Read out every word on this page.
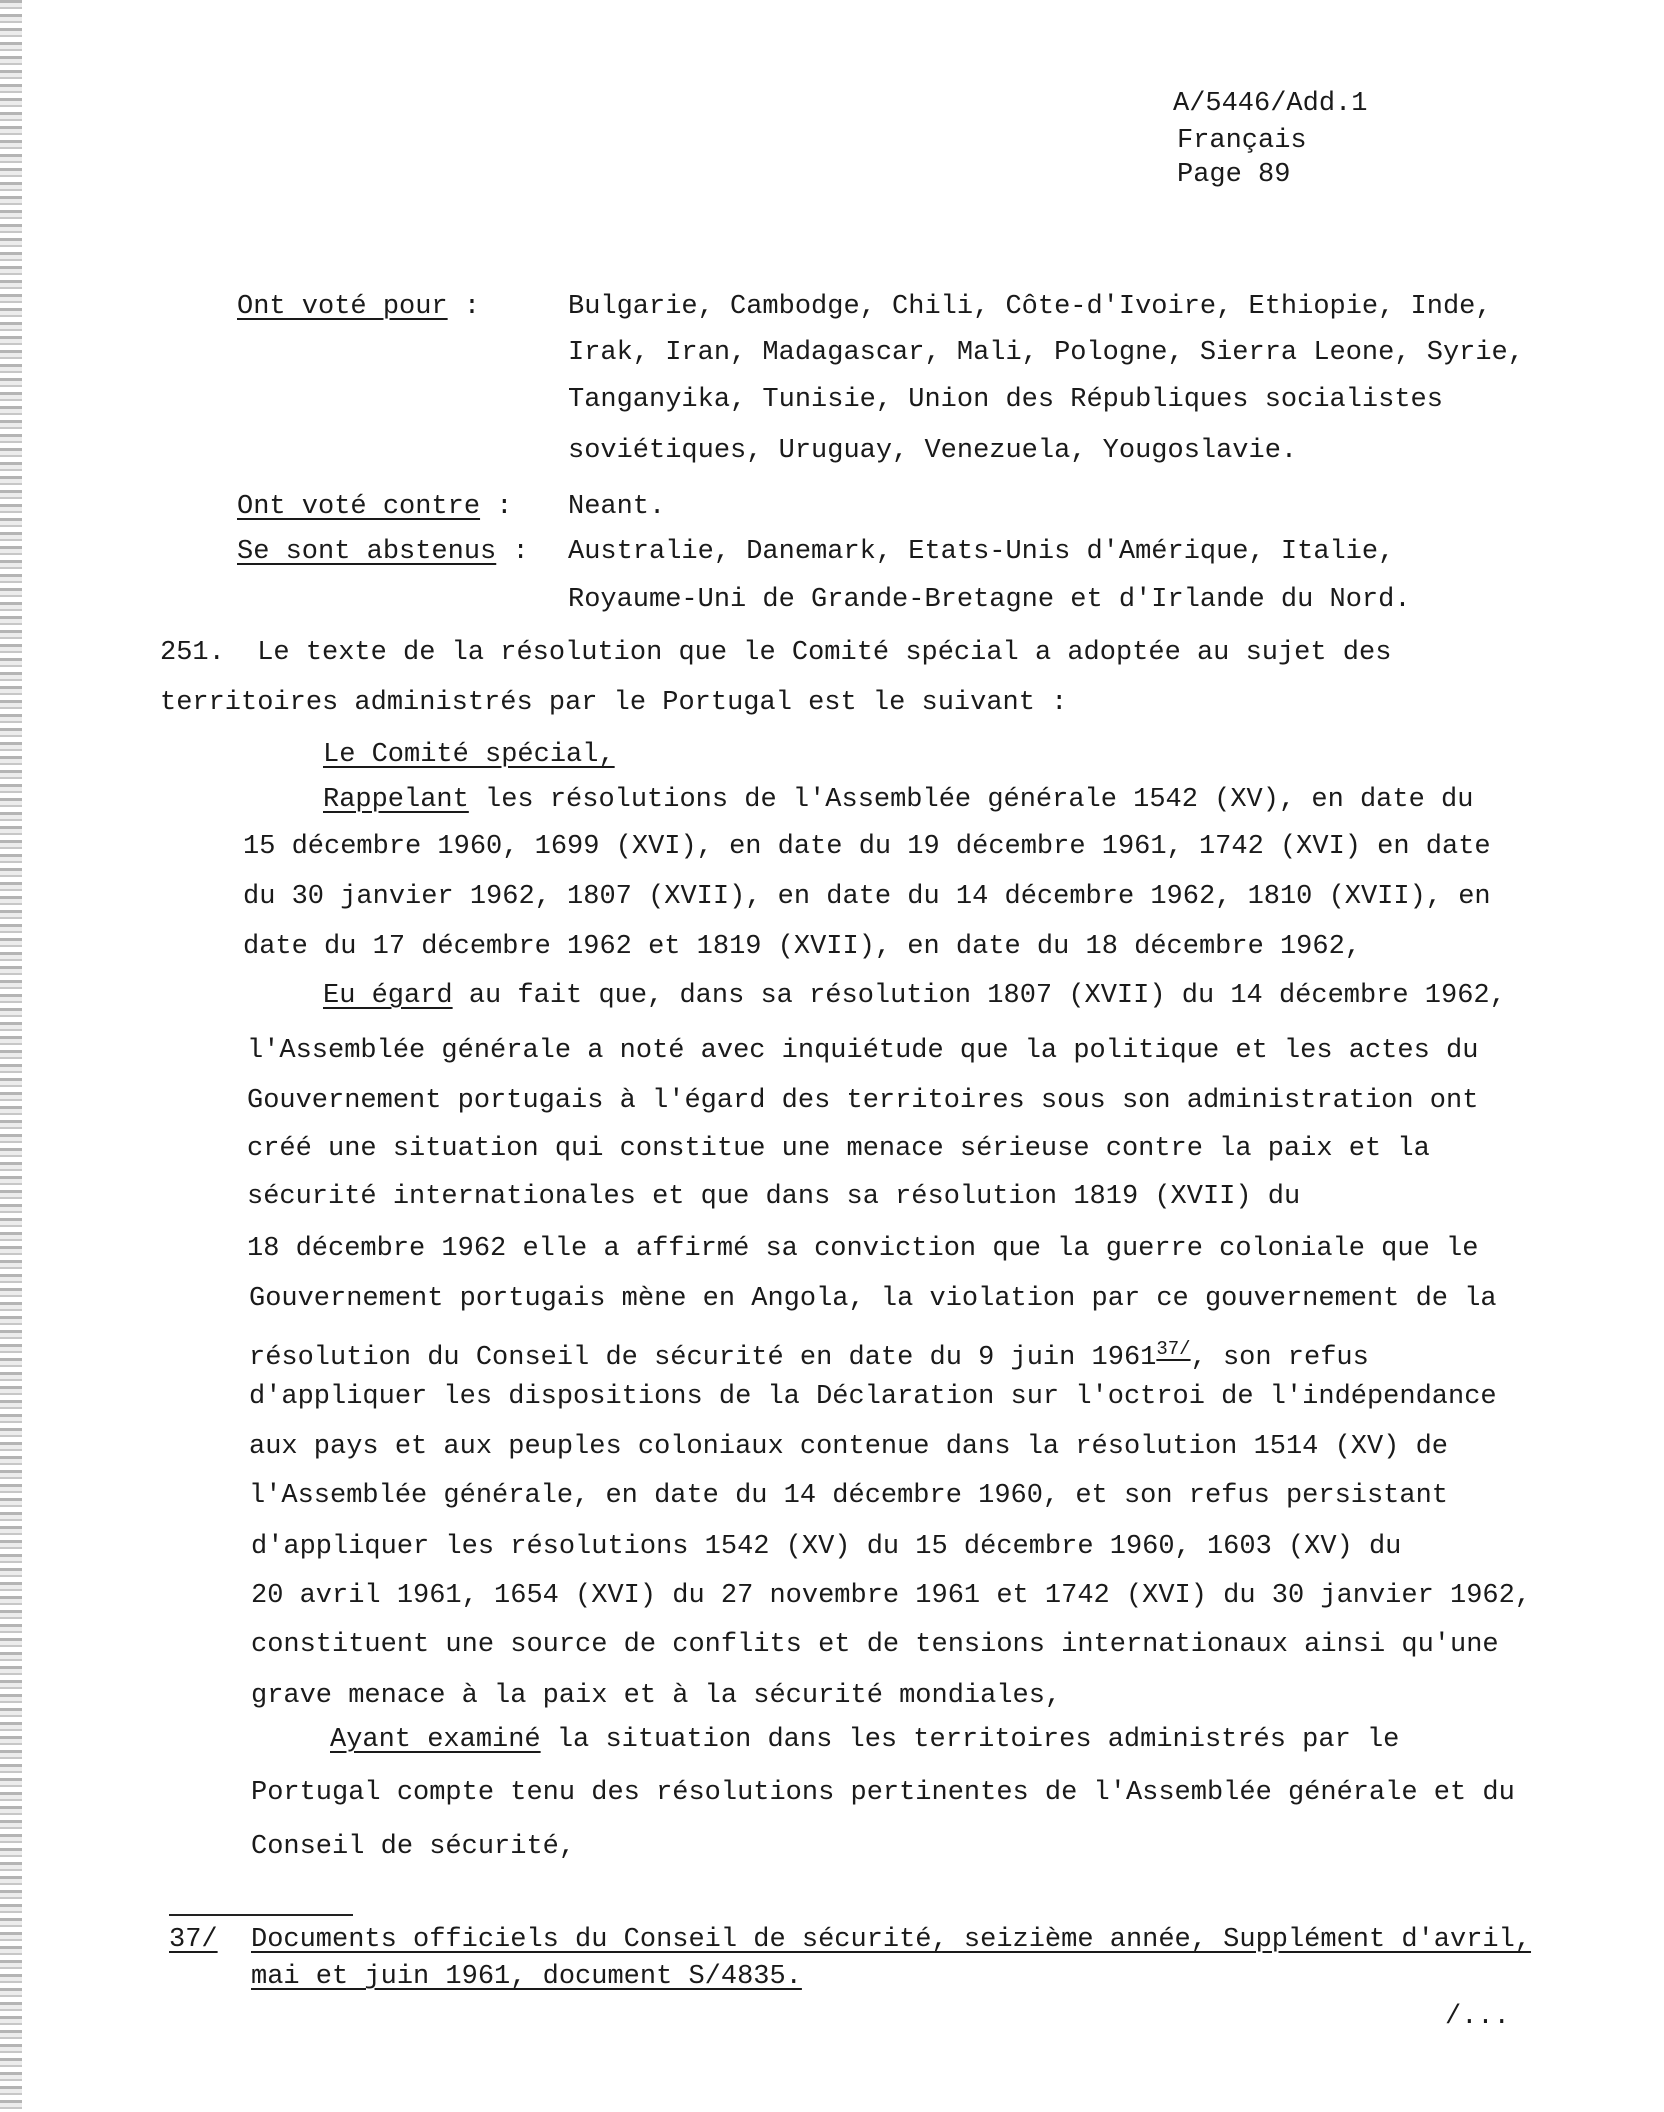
A/5446/Add.1
Français
Page 89
Ont voté pour :	Bulgarie, Cambodge, Chili, Côte-d'Ivoire, Ethiopie, Inde,
Irak, Iran, Madagascar, Mali, Pologne, Sierra Leone, Syrie,
Tanganyika, Tunisie, Union des Républiques socialistes
soviétiques, Uruguay, Venezuela, Yougoslavie.
Ont voté contre : Neant.
Se sont abstenus : Australie, Danemark, Etats-Unis d'Amérique, Italie,
Royaume-Uni de Grande-Bretagne et d'Irlande du Nord.
251.  Le texte de la résolution que le Comité spécial a adoptée au sujet des
territoires administrés par le Portugal est le suivant :
Le Comité spécial,
Rappelant les résolutions de l'Assemblée générale 1542 (XV), en date du
15 décembre 1960, 1699 (XVI), en date du 19 décembre 1961, 1742 (XVI) en date
du 30 janvier 1962, 1807 (XVII), en date du 14 décembre 1962, 1810 (XVII), en
date du 17 décembre 1962 et 1819 (XVII), en date du 18 décembre 1962,
Eu égard au fait que, dans sa résolution 1807 (XVII) du 14 décembre 1962,
l'Assemblée générale a noté avec inquiétude que la politique et les actes du
Gouvernement portugais à l'égard des territoires sous son administration ont
créé une situation qui constitue une menace sérieuse contre la paix et la
sécurité internationales et que dans sa résolution 1819 (XVII) du
18 décembre 1962 elle a affirmé sa conviction que la guerre coloniale que le
Gouvernement portugais mène en Angola, la violation par ce gouvernement de la
résolution du Conseil de sécurité en date du 9 juin $1961^{37/}$, son refus
d'appliquer les dispositions de la Déclaration sur l'octroi de l'indépendance
aux pays et aux peuples coloniaux contenue dans la résolution 1514 (XV) de
l'Assemblée générale, en date du 14 décembre 1960, et son refus persistant
d'appliquer les résolutions 1542 (XV) du 15 décembre 1960, 1603 (XV) du
20 avril 1961, 1654 (XVI) du 27 novembre 1961 et 1742 (XVI) du 30 janvier 1962,
constituent une source de conflits et de tensions internationaux ainsi qu'une
grave menace à la paix et à la sécurité mondiales,
Ayant examiné la situation dans les territoires administrés par le
Portugal compte tenu des résolutions pertinentes de l'Assemblée générale et du
Conseil de sécurité,
37/ Documents officiels du Conseil de sécurité, seizième année, Supplément d'avril,
mai et juin 1961, document S/4835.
/...
